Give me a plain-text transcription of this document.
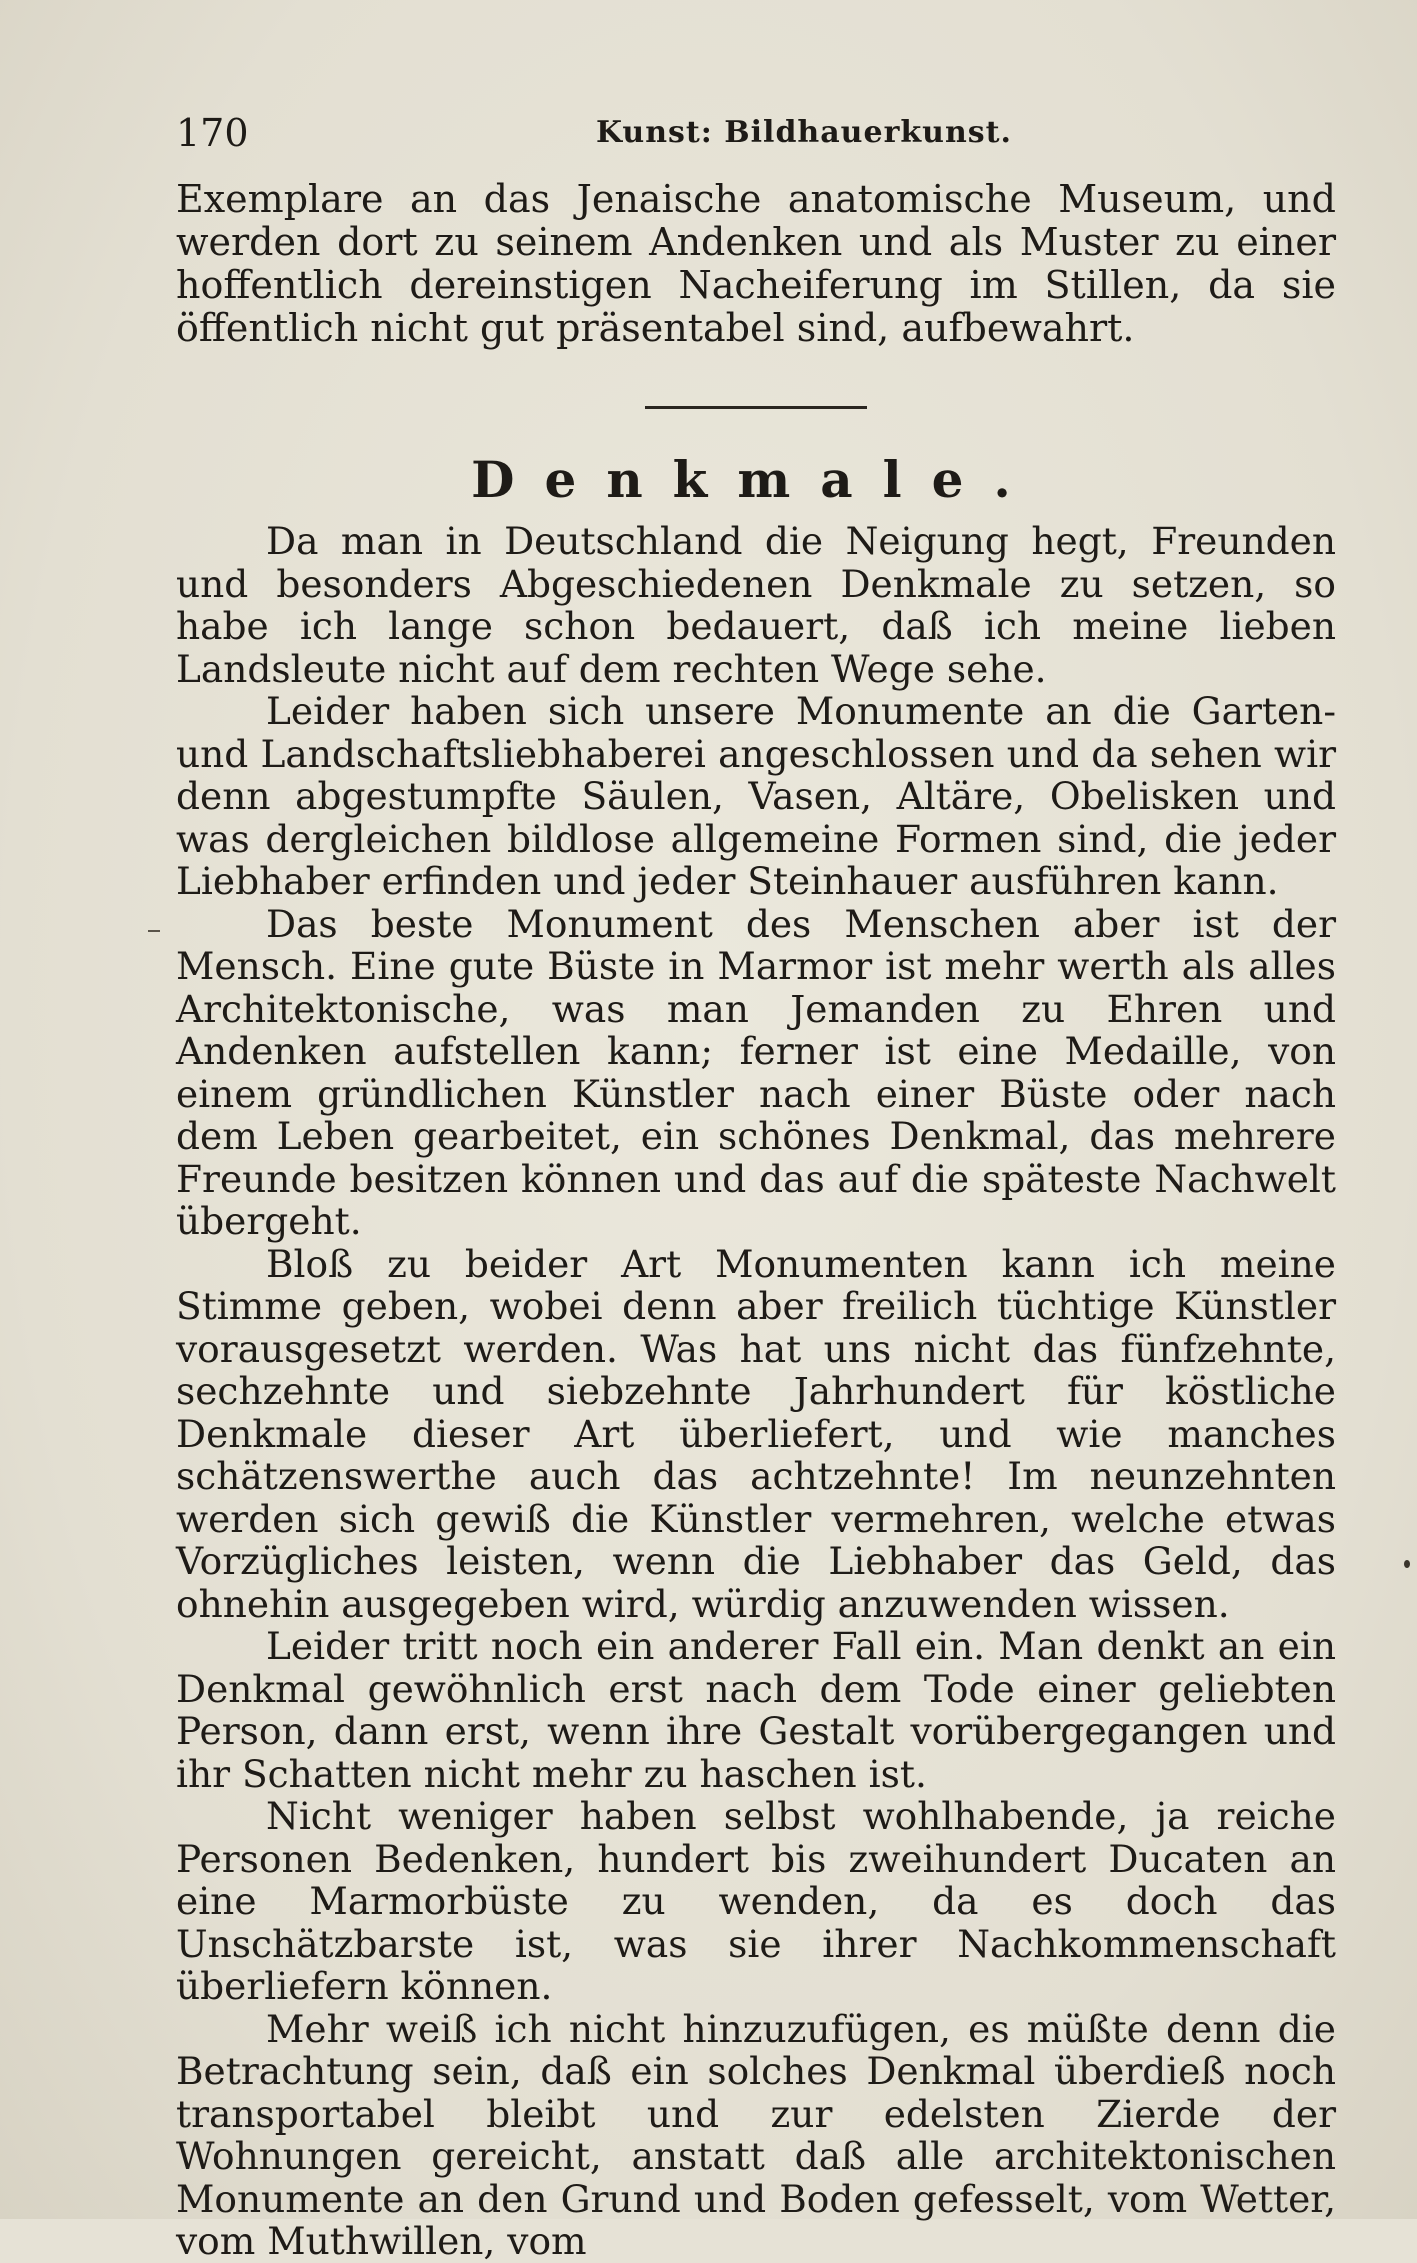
170	Kunst: Bildhauerkunst.

Exemplare an das Jenaische anatomische Museum, und werden dort zu seinem Andenken und als Muster zu einer hoffentlich dereinstigen Nacheiferung im Stillen, da sie öffentlich nicht gut präsentabel sind, aufbewahrt.

Denkmale.

Da man in Deutschland die Neigung hegt, Freunden und besonders Abgeschiedenen Denkmale zu setzen, so habe ich lange schon bedauert, daß ich meine lieben Landsleute nicht auf dem rechten Wege sehe.

Leider haben sich unsere Monumente an die Garten- und Landschaftsliebhaberei angeschlossen und da sehen wir denn abgestumpfte Säulen, Vasen, Altäre, Obelisken und was dergleichen bildlose allgemeine Formen sind, die jeder Liebhaber erfinden und jeder Steinhauer ausführen kann.

Das beste Monument des Menschen aber ist der Mensch. Eine gute Büste in Marmor ist mehr werth als alles Architektonische, was man Jemanden zu Ehren und Andenken aufstellen kann; ferner ist eine Medaille, von einem gründlichen Künstler nach einer Büste oder nach dem Leben gearbeitet, ein schönes Denkmal, das mehrere Freunde besitzen können und das auf die späteste Nachwelt übergeht.

Bloß zu beider Art Monumenten kann ich meine Stimme geben, wobei denn aber freilich tüchtige Künstler vorausgesetzt werden. Was hat uns nicht das fünfzehnte, sechzehnte und siebzehnte Jahrhundert für köstliche Denkmale dieser Art überliefert, und wie manches schätzenswerthe auch das achtzehnte! Im neunzehnten werden sich gewiß die Künstler vermehren, welche etwas Vorzügliches leisten, wenn die Liebhaber das Geld, das ohnehin ausgegeben wird, würdig anzuwenden wissen.

Leider tritt noch ein anderer Fall ein. Man denkt an ein Denkmal gewöhnlich erst nach dem Tode einer geliebten Person, dann erst, wenn ihre Gestalt vorübergegangen und ihr Schatten nicht mehr zu haschen ist.

Nicht weniger haben selbst wohlhabende, ja reiche Personen Bedenken, hundert bis zweihundert Ducaten an eine Marmorbüste zu wenden, da es doch das Unschätzbarste ist, was sie ihrer Nachkommenschaft überliefern können.

Mehr weiß ich nicht hinzuzufügen, es müßte denn die Betrachtung sein, daß ein solches Denkmal überdieß noch transportabel bleibt und zur edelsten Zierde der Wohnungen gereicht, anstatt daß alle architektonischen Monumente an den Grund und Boden gefesselt, vom Wetter, vom Muthwillen, vom
